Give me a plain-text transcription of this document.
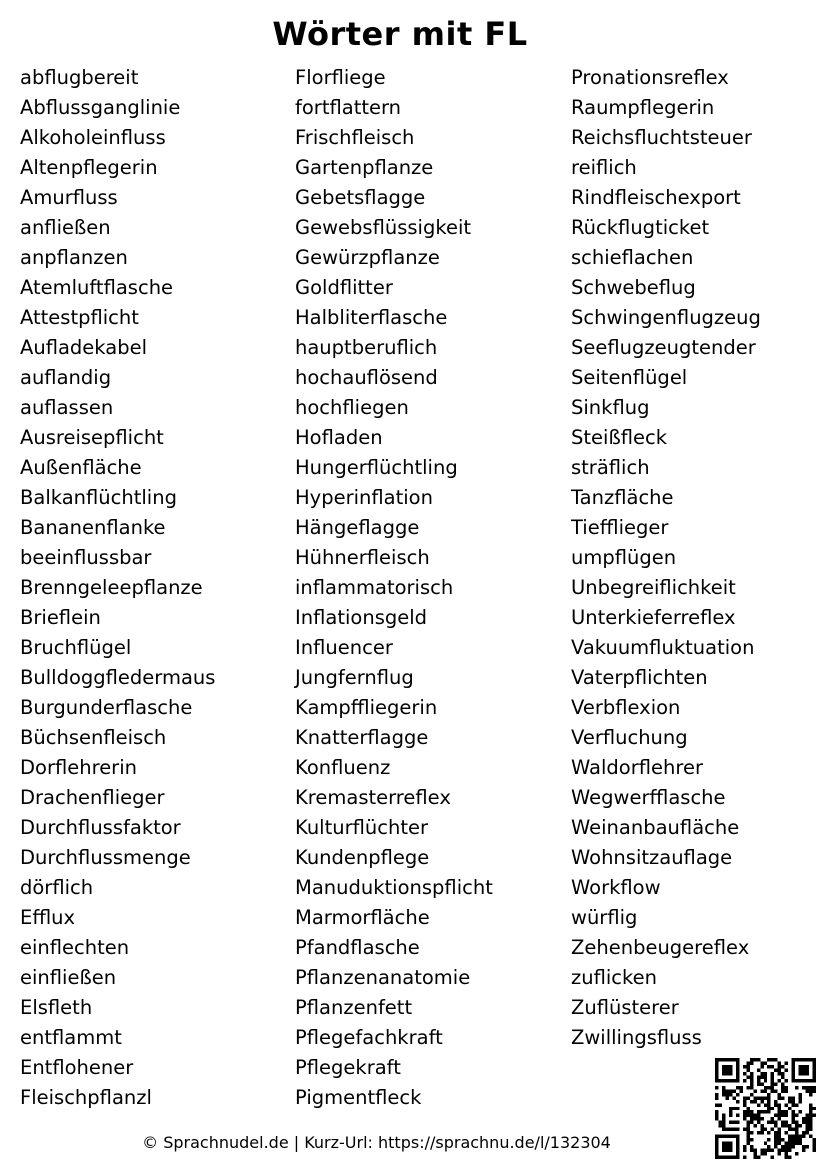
Wörter mit FL
abflugbereit
Abflussganglinie
Alkoholeinfluss
Altenpflegerin
Amurfluss
anfließen
anpflanzen
Atemluftflasche
Attestpflicht
Aufladekabel
auflandig
auflassen
Ausreisepflicht
Außenfläche
Balkanflüchtling
Bananenflanke
beeinflussbar
Brenngeleepflanze
Brieflein
Bruchflügel
Bulldoggfledermaus
Burgunderflasche
Büchsenfleisch
Dorflehrerin
Drachenflieger
Durchflussfaktor
Durchflussmenge
dörflich
Efflux
einflechten
einfließen
Elsfleth
entflammt
Entflohener
Fleischpflanzl
Florfliege
fortflattern
Frischfleisch
Gartenpflanze
Gebetsflagge
Gewebsflüssigkeit
Gewürzpflanze
Goldflitter
Halbliterflasche
hauptberuflich
hochauflösend
hochfliegen
Hofladen
Hungerflüchtling
Hyperinflation
Hängeflagge
Hühnerfleisch
inflammatorisch
Inflationsgeld
Influencer
Jungfernflug
Kampffliegerin
Knatterflagge
Konfluenz
Kremasterreflex
Kulturflüchter
Kundenpflege
Manuduktionspflicht
Marmorfläche
Pfandflasche
Pflanzenanatomie
Pflanzenfett
Pflegefachkraft
Pflegekraft
Pigmentfleck
Pronationsreflex
Raumpflegerin
Reichsfluchtsteuer
reiflich
Rindfleischexport
Rückflugticket
schieflachen
Schwebeflug
Schwingenflugzeug
Seeflugzeugtender
Seitenflügel
Sinkflug
Steißfleck
sträflich
Tanzfläche
Tiefflieger
umpflügen
Unbegreiflichkeit
Unterkieferreflex
Vakuumfluktuation
Vaterpflichten
Verbflexion
Verfluchung
Waldorflehrer
Wegwerfflasche
Weinanbaufläche
Wohnsitzauflage
Workflow
würflig
Zehenbeugereflex
zuflicken
Zuflüsterer
Zwillingsfluss
© Sprachnudel.de | Kurz-Url: https://sprachnu.de/l/132304
